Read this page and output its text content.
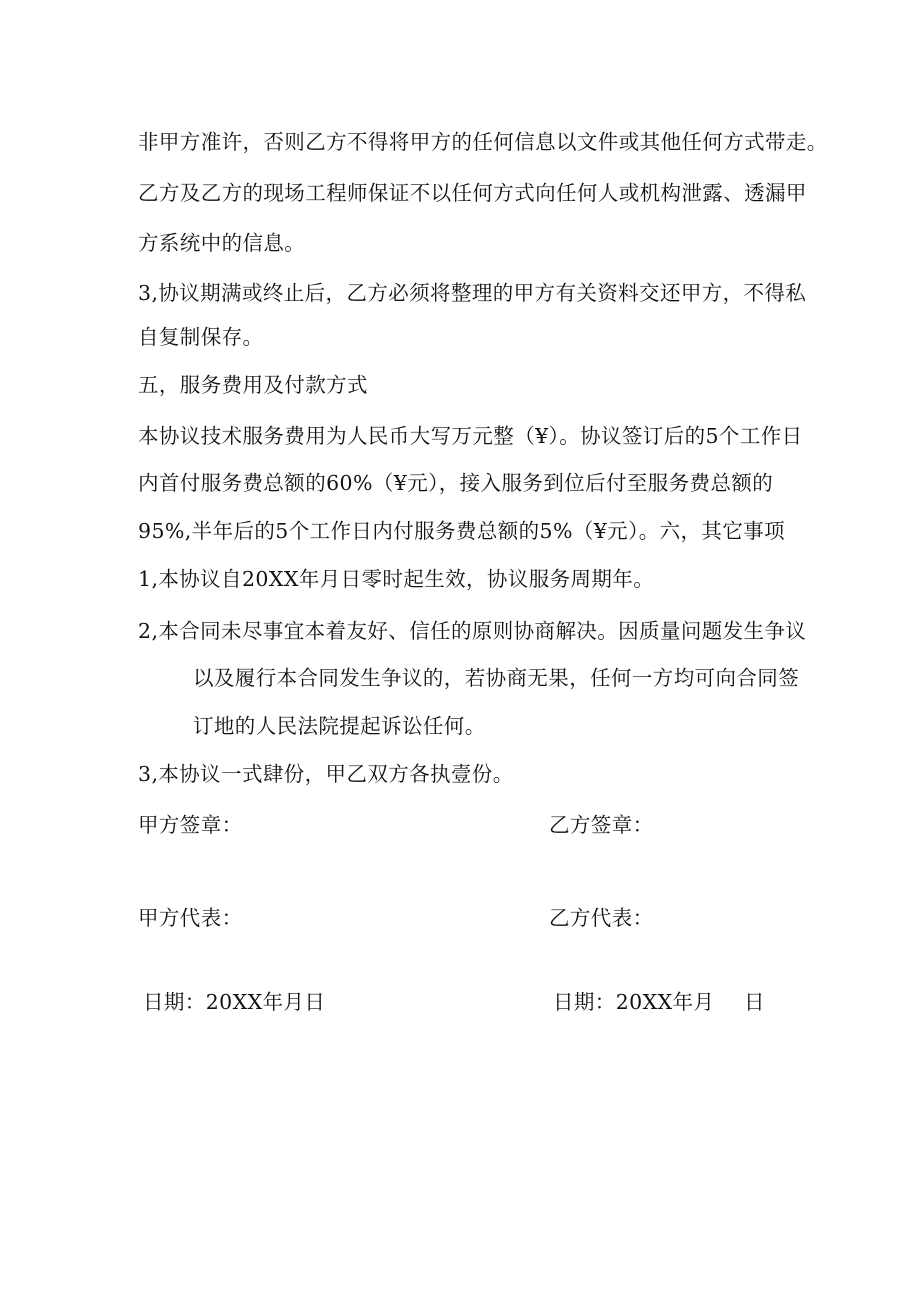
非甲方准许，否则乙方不得将甲方的任何信息以文件或其他任何方式带走。
乙方及乙方的现场工程师保证不以任何方式向任何人或机构泄露、透漏甲
方系统中的信息。
3,协议期满或终止后，乙方必须将整理的甲方有关资料交还甲方，不得私
自复制保存。
五，服务费用及付款方式
本协议技术服务费用为人民币大写万元整（¥）。协议签订后的5个工作日
内首付服务费总额的60%（¥元），接入服务到位后付至服务费总额的
95%,半年后的5个工作日内付服务费总额的5%（¥元）。六，其它事项
1,本协议自20XX年月日零时起生效，协议服务周期年。
2,本合同未尽事宜本着友好、信任的原则协商解决。因质量问题发生争议
以及履行本合同发生争议的，若协商无果，任何一方均可向合同签
订地的人民法院提起诉讼任何。
3,本协议一式肆份，甲乙双方各执壹份。
甲方签章：	乙方签章：
甲方代表：	乙方代表：
日期：20XX年月日	日期：20XX年月 日
